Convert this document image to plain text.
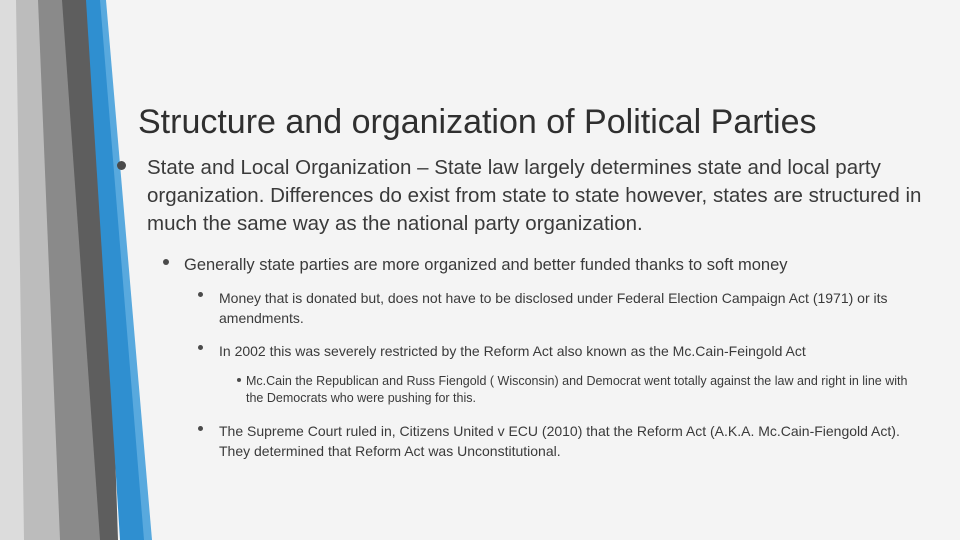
Structure and organization of Political Parties
State and Local Organization – State law largely determines state and local party organization. Differences do exist from state to state however, states are structured in much the same way as the national party organization.
Generally state parties are more organized and better funded thanks to soft money
Money that is donated but, does not have to be disclosed under Federal Election Campaign Act (1971) or its amendments.
In 2002 this was severely restricted by the Reform Act also known as the Mc.Cain-Feingold Act
Mc.Cain the Republican and Russ Fiengold ( Wisconsin) and Democrat went totally against the law and right in line with the Democrats who were pushing for this.
The Supreme Court ruled in, Citizens United v ECU (2010) that the Reform Act (A.K.A. Mc.Cain-Fiengold Act). They determined that Reform Act was Unconstitutional.
